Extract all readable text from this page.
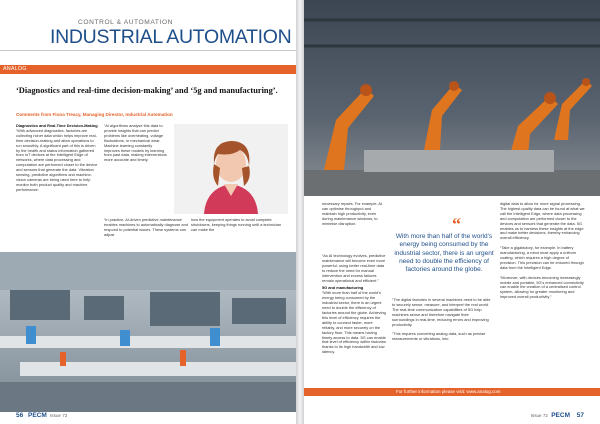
CONTROL & AUTOMATION
INDUSTRIAL AUTOMATION
ANALOG
‘Diagnostics and real-time decision-making’ and ‘5g and manufacturing’.
Comments from Fiona Treacy, Managing Director, Industrial Automation
Diagnostics and Real-Time Decision-Making
“With advanced diagnostics, factories are collecting richer data which helps improve real-time decision-making and allow operations to run smoothly. A significant part of this is driven by the health and status information gathered from IoT devices at the Intelligent Edge of networks, where data processing and computation are performed closer to the device and sensors that generate the data. Vibration sensing, predictive algorithms and machine-vision cameras are being used here to help monitor both product quality and machine performance.
“AI algorithms analyse this data to provide insights that can predict problems like overheating, voltage fluctuations, or mechanical wear. Machine learning constantly improves these models by learning from past data, making interventions more accurate and timely.
“In practice, AI-driven predictive maintenance enables machines to automatically diagnose and respond to potential issues. These systems can adjust
how the equipment operates to avoid complete shutdowns, keeping things running until a technician can make the
56 PECM Issue 72
necessary repairs. For example, AI can optimise throughput and maintain high productivity, even during maintenance windows, to minimise disruption.
“As AI technology evolves, predictive maintenance will become even more powerful, using better real-time data to reduce the need for manual intervention and excess failures remain operational and efficient.”
5G and manufacturing
“With more than half of the world’s energy being consumed by the industrial sector, there is an urgent need to double the efficiency of factories around the globe. Achieving this level of efficiency requires the ability to connect faster, more reliably, and more securely on the factory floor. This means having timely access to data. 5G can enable that level of efficiency within factories thanks to its high bandwidth and low latency.
“
With more than half of the world’s energy being consumed by the industrial sector, there is an urgent need to double the efficiency of factories around the globe.
“The digital factories in several machines need to be able to securely sense, measure, and interpret the real world. The real-time communication capabilities of 5G help machines sense and therefore navigate their surroundings in real-time, reducing errors and improving productivity.

“This requires converting analog data, such as precise measurements or vibrations, into
digital data to allow for more signal processing. The highest quality data can be found at what we call the Intelligent Edge, where data processing and computation are performed closer to the devices and sensors that generate the data. 5G enables us to harness these insights at the edge and make better decisions, thereby enhancing overall efficiency.

“Take a gigafactory, for example. In battery manufacturing, a robot must apply a uniform coating, which requires a high degree of precision. This precision can be ensured through data from the Intelligent Edge.

“Moreover, with devices becoming increasingly mobile and portable, 5G’s enhanced connectivity can enable the creation of a centralised control system, allowing for greater monitoring and improved overall productivity.”
For further information please visit: www.analog.com
Issue 72 PECM 57
